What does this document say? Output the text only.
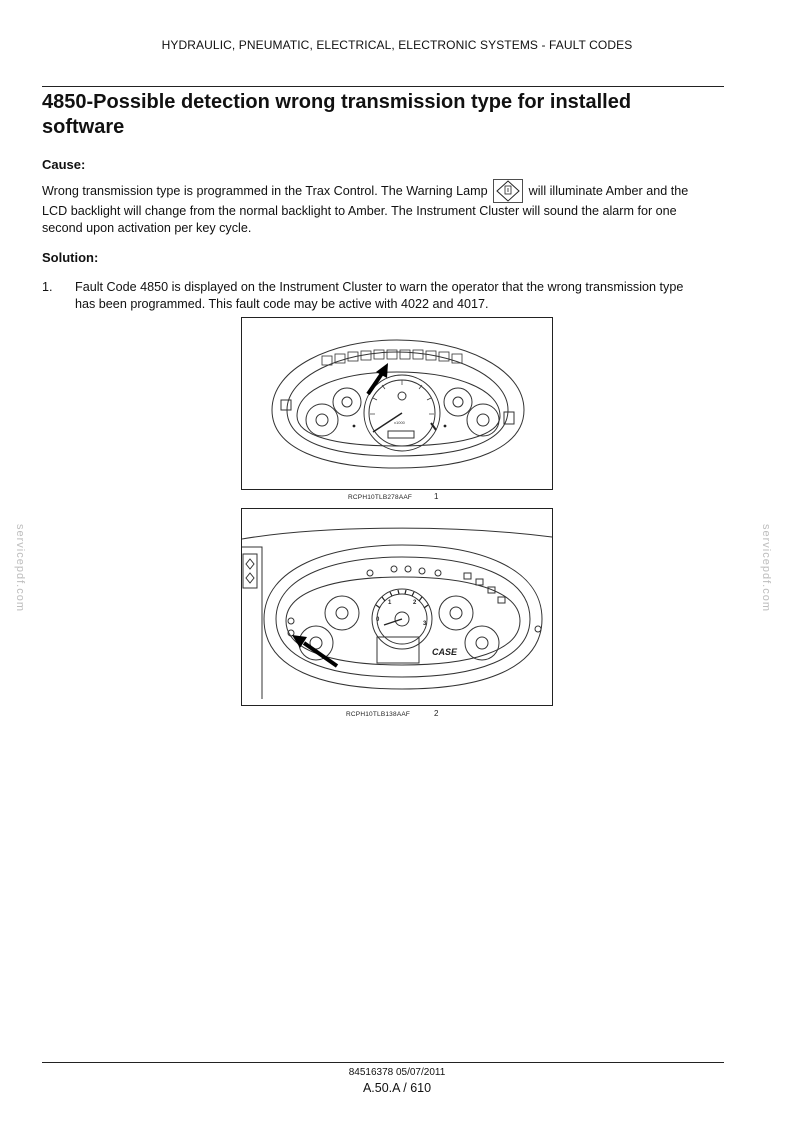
HYDRAULIC, PNEUMATIC, ELECTRICAL, ELECTRONIC SYSTEMS - FAULT CODES
4850-Possible detection wrong transmission type for installed
software
Cause:
Wrong transmission type is programmed in the Trax Control. The Warning Lamp	will illuminate Amber and the
LCD backlight will change from the normal backlight to Amber. The Instrument Cluster will sound the alarm for one
second upon activation per key cycle.
Solution:
1. Fault Code 4850 is displayed on the Instrument Cluster to warn the operator that the wrong transmission type
has been programmed. This fault code may be active with 4022 and 4017.
x1000
RCPH10TLB278AAF	1
0
1	2
3
CASE
RCPH10TLB138AAF	2
servicepdf.com	servicepdf.com
84516378 05/07/2011
A.50.A / 610
